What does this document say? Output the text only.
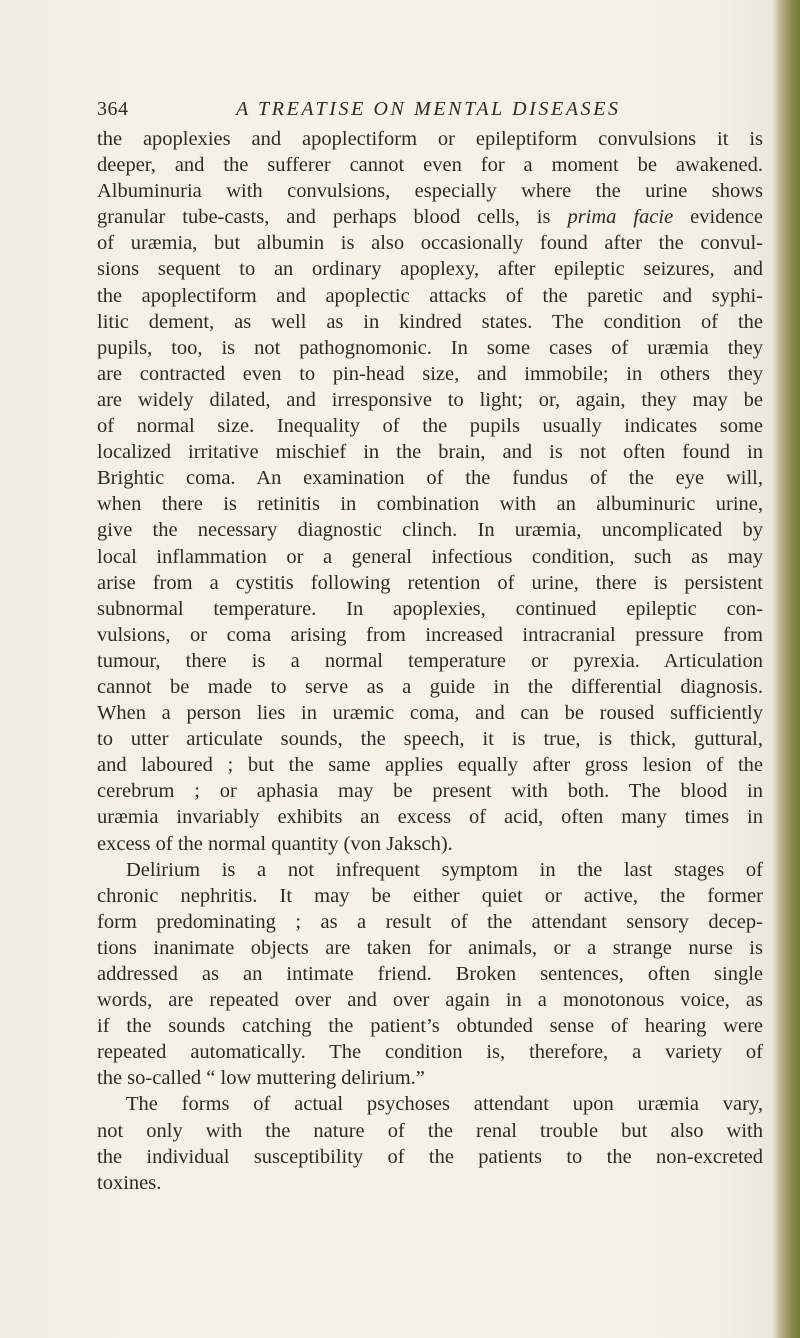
364	A TREATISE ON MENTAL DISEASES
the apoplexies and apoplectiform or epileptiform convulsions it is
deeper, and the sufferer cannot even for a moment be awakened.
Albuminuria with convulsions, especially where the urine shows
granular tube-casts, and perhaps blood cells, is prima facie evidence
of uræmia, but albumin is also occasionally found after the convul-
sions sequent to an ordinary apoplexy, after epileptic seizures, and
the apoplectiform and apoplectic attacks of the paretic and syphi-
litic dement, as well as in kindred states. The condition of the
pupils, too, is not pathognomonic. In some cases of uræmia they
are contracted even to pin-head size, and immobile; in others they
are widely dilated, and irresponsive to light; or, again, they may be
of normal size. Inequality of the pupils usually indicates some
localized irritative mischief in the brain, and is not often found in
Brightic coma. An examination of the fundus of the eye will,
when there is retinitis in combination with an albuminuric urine,
give the necessary diagnostic clinch. In uræmia, uncomplicated by
local inflammation or a general infectious condition, such as may
arise from a cystitis following retention of urine, there is persistent
subnormal temperature. In apoplexies, continued epileptic con-
vulsions, or coma arising from increased intracranial pressure from
tumour, there is a normal temperature or pyrexia. Articulation
cannot be made to serve as a guide in the differential diagnosis.
When a person lies in uræmic coma, and can be roused sufficiently
to utter articulate sounds, the speech, it is true, is thick, guttural,
and laboured ; but the same applies equally after gross lesion of the
cerebrum ; or aphasia may be present with both. The blood in
uræmia invariably exhibits an excess of acid, often many times in
excess of the normal quantity (von Jaksch).
Delirium is a not infrequent symptom in the last stages of
chronic nephritis. It may be either quiet or active, the former
form predominating ; as a result of the attendant sensory decep-
tions inanimate objects are taken for animals, or a strange nurse is
addressed as an intimate friend. Broken sentences, often single
words, are repeated over and over again in a monotonous voice, as
if the sounds catching the patient’s obtunded sense of hearing were
repeated automatically. The condition is, therefore, a variety of
the so-called “ low muttering delirium.”
The forms of actual psychoses attendant upon uræmia vary,
not only with the nature of the renal trouble but also with
the individual susceptibility of the patients to the non-excreted
toxines.
